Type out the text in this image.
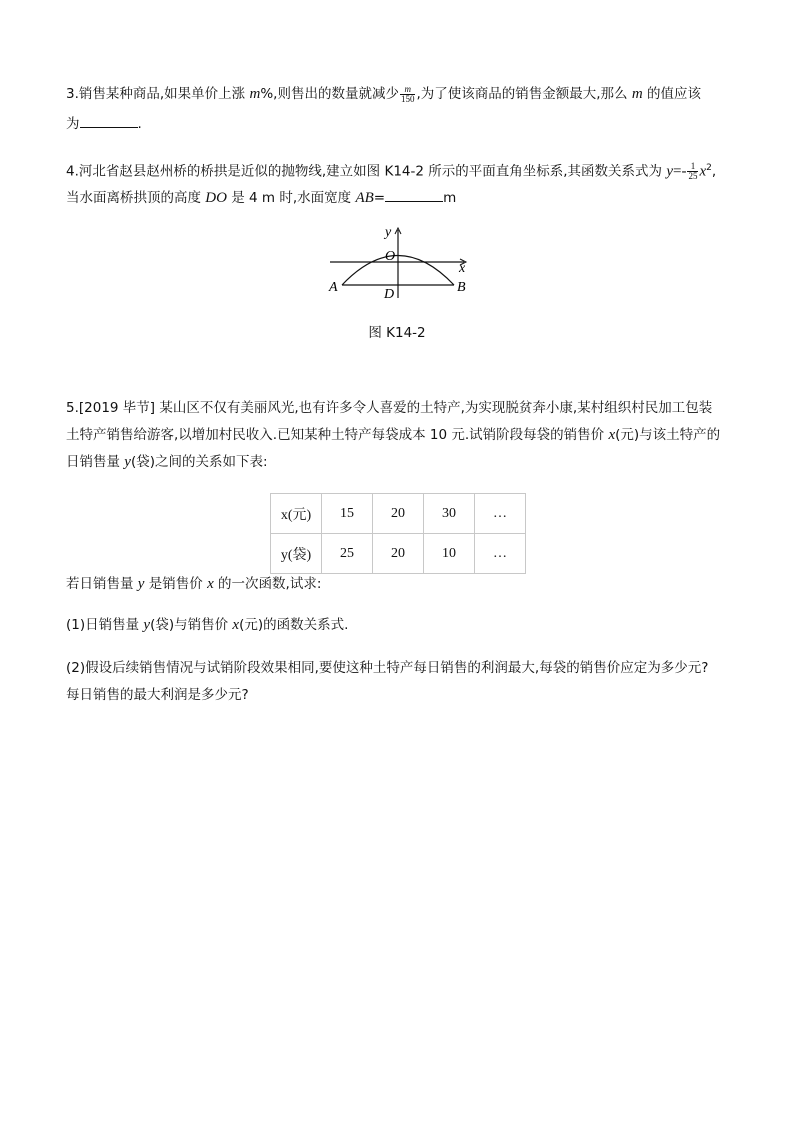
3.销售某种商品,如果单价上涨 m%,则售出的数量就减少 $\frac{m}{150}$ ,为了使该商品的销售金额最大,那么 m 的值应该
为	.
4.河北省赵县赵州桥的桥拱是近似的抛物线,建立如图 K14-2 所示的平面直角坐标系,其函数关系式为 $y=- \frac{1}{25} x^2$,
当水面离桥拱顶的高度 DO 是 4 m 时,水面宽度 AB=	m
y
x
O
A	B
D
图 K14-2
5.[2019 毕节] 某山区不仅有美丽风光,也有许多令人喜爱的土特产,为实现脱贫奔小康,某村组织村民加工包装
土特产销售给游客,以增加村民收入.已知某种土特产每袋成本 10 元.试销阶段每袋的销售价 x(元)与该土特产的
日销售量 y(袋)之间的关系如下表:
x(元)	15	20	30	…
y(袋)	25	20	10	…
若日销售量 y 是销售价 x 的一次函数,试求:
(1)日销售量 y(袋)与销售价 x(元)的函数关系式.
(2)假设后续销售情况与试销阶段效果相同,要使这种土特产每日销售的利润最大,每袋的销售价应定为多少元?
每日销售的最大利润是多少元?
